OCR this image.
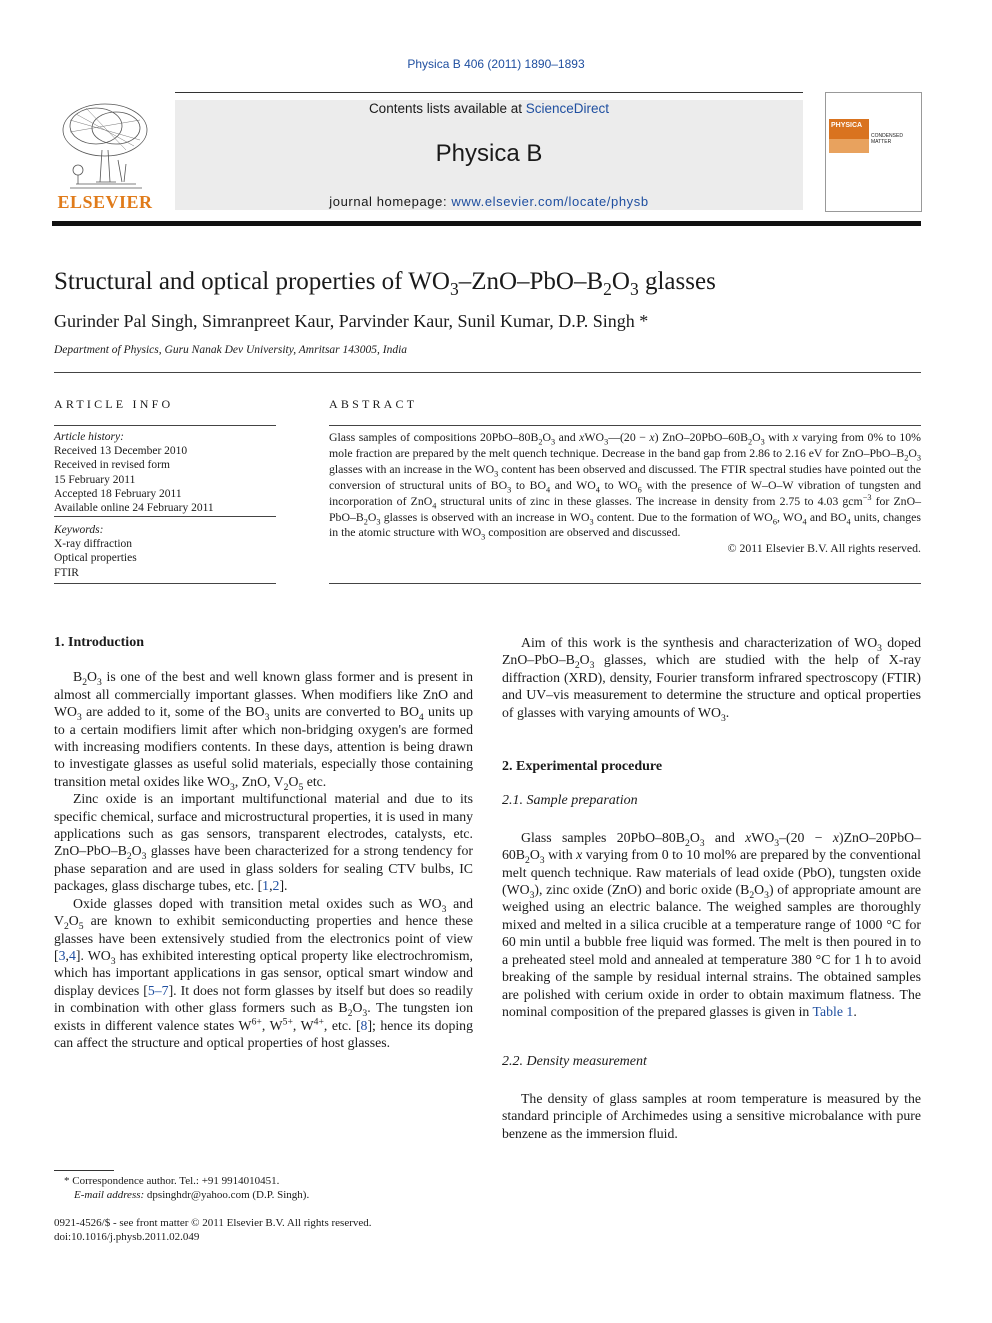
Physica B 406 (2011) 1890–1893
ELSEVIER
Contents lists available at ScienceDirect
Physica B
journal homepage: www.elsevier.com/locate/physb
PHYSICA
CONDENSED MATTER
Structural and optical properties of $WO_3-ZnO-PbO-B_2O_3$ glasses
Gurinder Pal Singh, Simranpreet Kaur, Parvinder Kaur, Sunil Kumar, D.P. Singh *
Department of Physics, Guru Nanak Dev University, Amritsar 143005, India
ARTICLE INFO
Article history:
Received 13 December 2010
Received in revised form
15 February 2011
Accepted 18 February 2011
Available online 24 February 2011
Keywords:
X-ray diffraction
Optical properties
FTIR
ABSTRACT
Glass samples of compositions $20PbO-80B_2O_3$ and xWO$_3$—(20 − x) ZnO–$20PbO-60B_2O_3$ with x varying from 0% to 10% mole fraction are prepared by the melt quench technique. Decrease in the band gap from 2.86 to 2.16 eV for ZnO–$PbO-B_2O_3$ glasses with an increase in the $WO_3$ content has been observed and discussed. The FTIR spectral studies have pointed out the conversion of structural units of $BO_3$ to $BO_4$ and $WO_4$ to $WO_6$ with the presence of W–O–W vibration of tungsten and incorporation of ZnO$_4$ structural units of zinc in these glasses. The increase in density from 2.75 to 4.03 gcm$^{-3}$ for ZnO–$PbO-B_2O_3$ glasses is observed with an increase in $WO_3$ content. Due to the formation of $WO_6$, $WO_4$ and $BO_4$ units, changes in the atomic structure with $WO_3$ composition are observed and discussed.
© 2011 Elsevier B.V. All rights reserved.
1. Introduction

$B_2O_3$ is one of the best and well known glass former and is present in almost all commercially important glasses. When modifiers like ZnO and $WO_3$ are added to it, some of the $BO_3$ units are converted to $BO_4$ units up to a certain modifiers limit after which non-bridging oxygen's are formed with increasing modifiers contents. In these days, attention is being drawn to investigate glasses as useful solid materials, especially those containing transition metal oxides like $WO_3$, ZnO, $V_2O_5$ etc.

Zinc oxide is an important multifunctional material and due to its specific chemical, surface and microstructural properties, it is used in many applications such as gas sensors, transparent electrodes, catalysts, etc. ZnO–$PbO-B_2O_3$ glasses have been characterized for a strong tendency for phase separation and are used in glass solders for sealing CTV bulbs, IC packages, glass discharge tubes, etc. [1,2].

Oxide glasses doped with transition metal oxides such as $WO_3$ and $V_2O_5$ are known to exhibit semiconducting properties and hence these glasses have been extensively studied from the electronics point of view [3,4]. $WO_3$ has exhibited interesting optical property like electrochromism, which has important applications in gas sensor, optical smart window and display devices [5–7]. It does not form glasses by itself but does so readily in combination with other glass formers such as $B_2O_3$. The tungsten ion exists in different valence states $W^{6+}$, $W^{5+}$, $W^{4+}$, etc. [8]; hence its doping can affect the structure and optical properties of host glasses.

Aim of this work is the synthesis and characterization of $WO_3$ doped ZnO–$PbO-B_2O_3$ glasses, which are studied with the help of X-ray diffraction (XRD), density, Fourier transform infrared spectroscopy (FTIR) and UV–vis measurement to determine the structure and optical properties of glasses with varying amounts of $WO_3$.

2. Experimental procedure
2.1. Sample preparation

Glass samples $20PbO-80B_2O_3$ and $xWO_3-(20 - x)ZnO-20PbO-60B_2O_3$ with x varying from 0 to 10 mol% are prepared by the conventional melt quench technique. Raw materials of lead oxide (PbO), tungsten oxide $(WO_3)$, zinc oxide (ZnO) and boric oxide $(B_2O_3)$ of appropriate amount are weighed using an electric balance. The weighed samples are thoroughly mixed and melted in a silica crucible at a temperature range of 1000 °C for 60 min until a bubble free liquid was formed. The melt is then poured in to a preheated steel mold and annealed at temperature 380 °C for 1 h to avoid breaking of the sample by residual internal strains. The obtained samples are polished with cerium oxide in order to obtain maximum flatness. The nominal composition of the prepared glasses is given in Table 1.

2.2. Density measurement

The density of glass samples at room temperature is measured by the standard principle of Archimedes using a sensitive microbalance with pure benzene as the immersion fluid.

* Correspondence author. Tel.: +91 9914010451.
E-mail address: dpsinghdr@yahoo.com (D.P. Singh).
0921-4526/$ - see front matter © 2011 Elsevier B.V. All rights reserved.
doi:10.1016/j.physb.2011.02.049
